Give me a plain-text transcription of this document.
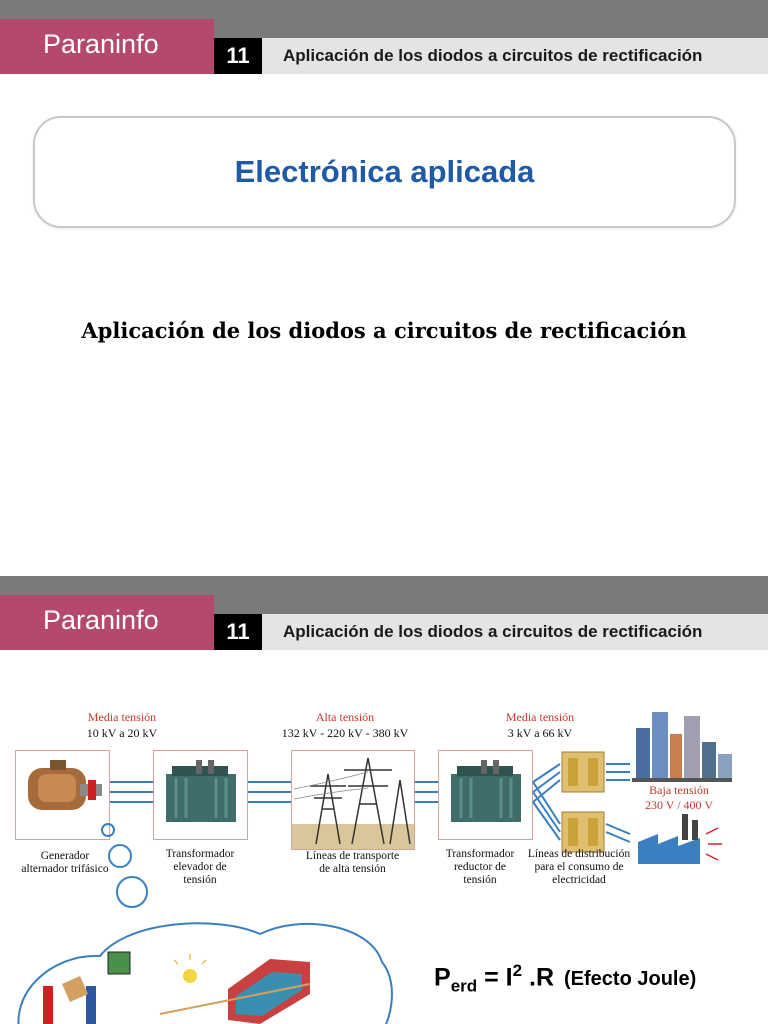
Paraninfo	11	Aplicación de los diodos a circuitos de rectificación
Electrónica aplicada
Aplicación de los diodos a circuitos de rectificación
Paraninfo	11	Aplicación de los diodos a circuitos de rectificación
Media tensión
10 kV a 20 kV
Alta tensión
132 kV - 220 kV - 380 kV
Media tensión
3 kV a 66 kV
Baja tensión
230 V / 400 V
Generador
alternador trifásico
Transformador
elevador de
tensión
Líneas de transporte
de alta tensión
Transformador
reductor de
tensión
Líneas de distribución
para el consumo de
electricidad
$P_{erd} = I^2$ .R (Efecto Joule)
